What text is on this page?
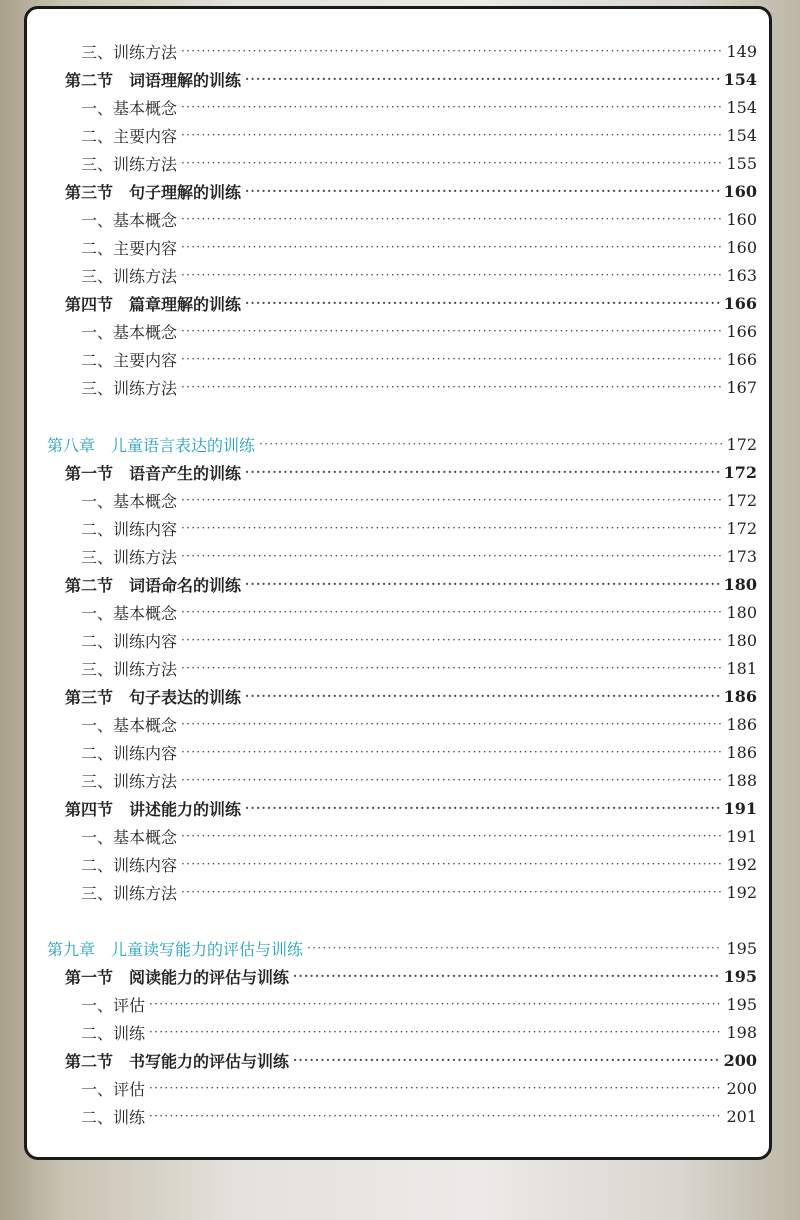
三、训练方法 ·····	149
第二节　词语理解的训练 ·····	154
一、基本概念 ·····	154
二、主要内容 ·····	154
三、训练方法 ·····	155
第三节　句子理解的训练 ·····	160
一、基本概念 ·····	160
二、主要内容 ·····	160
三、训练方法 ·····	163
第四节　篇章理解的训练 ·····	166
一、基本概念 ·····	166
二、主要内容 ·····	166
三、训练方法 ·····	167
第八章　儿童语言表达的训练 ·····	172
第一节　语音产生的训练 ·····	172
一、基本概念 ·····	172
二、训练内容 ·····	172
三、训练方法 ·····	173
第二节　词语命名的训练 ·····	180
一、基本概念 ·····	180
二、训练内容 ·····	180
三、训练方法 ·····	181
第三节　句子表达的训练 ·····	186
一、基本概念 ·····	186
二、训练内容 ·····	186
三、训练方法 ·····	188
第四节　讲述能力的训练 ·····	191
一、基本概念 ·····	191
二、训练内容 ·····	192
三、训练方法 ·····	192
第九章　儿童读写能力的评估与训练 ·····	195
第一节　阅读能力的评估与训练 ·····	195
一、评估 ·····	195
二、训练 ·····	198
第二节　书写能力的评估与训练 ·····	200
一、评估 ·····	200
二、训练 ·····	201
